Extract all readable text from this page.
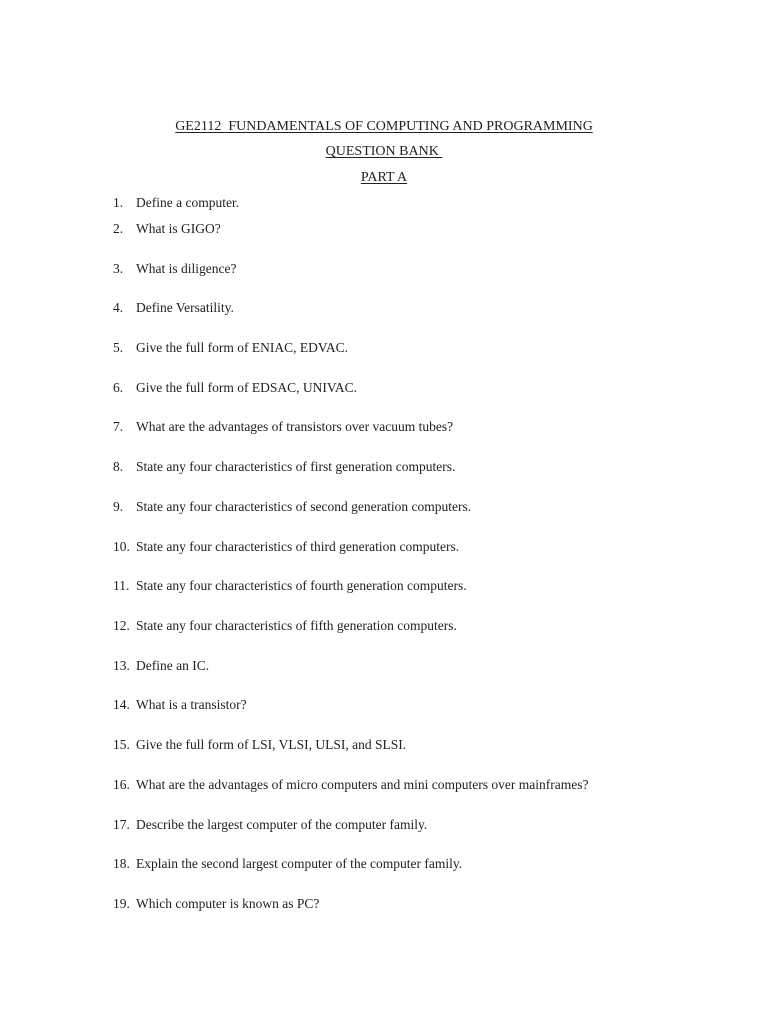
GE2112  FUNDAMENTALS OF COMPUTING AND PROGRAMMING
QUESTION BANK
PART A
1. Define a computer.
2. What is GIGO?
3. What is diligence?
4. Define Versatility.
5. Give the full form of ENIAC, EDVAC.
6. Give the full form of EDSAC, UNIVAC.
7. What are the advantages of transistors over vacuum tubes?
8. State any four characteristics of first generation computers.
9. State any four characteristics of second generation computers.
10. State any four characteristics of third generation computers.
11. State any four characteristics of fourth generation computers.
12. State any four characteristics of fifth generation computers.
13. Define an IC.
14. What is a transistor?
15. Give the full form of LSI, VLSI, ULSI, and SLSI.
16. What are the advantages of micro computers and mini computers over mainframes?
17. Describe the largest computer of the computer family.
18. Explain the second largest computer of the computer family.
19. Which computer is known as PC?
